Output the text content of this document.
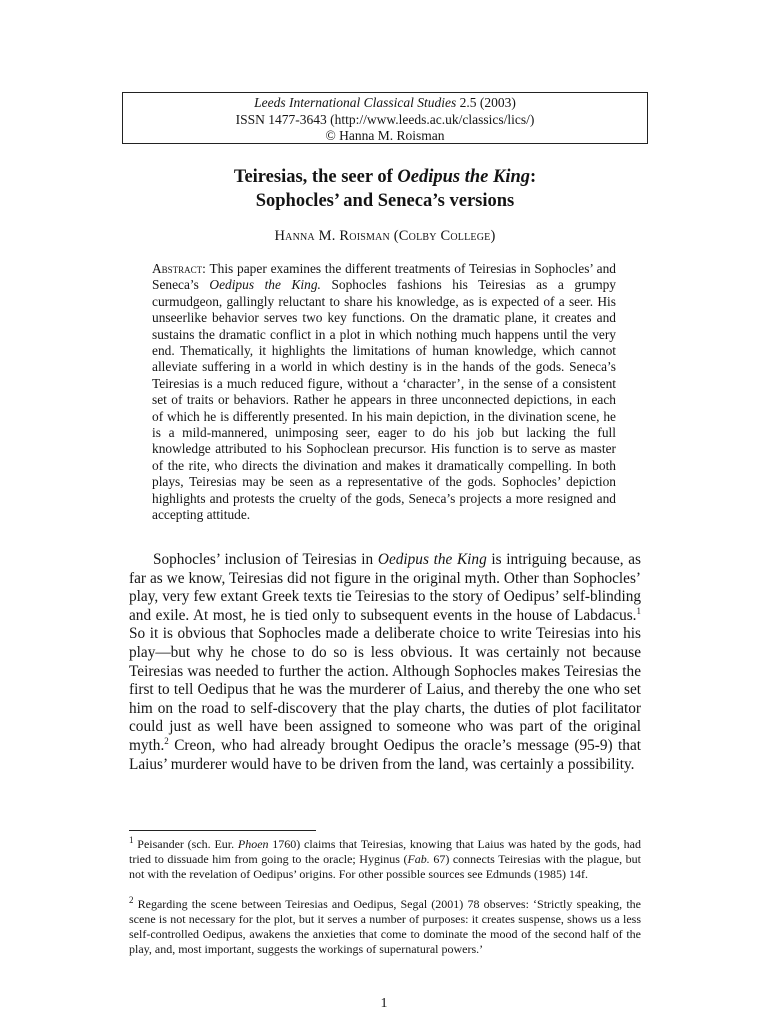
Leeds International Classical Studies 2.5 (2003)
ISSN 1477-3643 (http://www.leeds.ac.uk/classics/lics/)
© Hanna M. Roisman
Teiresias, the seer of Oedipus the King:
Sophocles’ and Seneca’s versions
Hanna M. Roisman (Colby College)

Abstract: This paper examines the different treatments of Teiresias in Sophocles’ and Seneca’s Oedipus the King. Sophocles fashions his Teiresias as a grumpy curmudgeon, gallingly reluctant to share his knowledge, as is expected of a seer. His unseerlike behavior serves two key functions. On the dramatic plane, it creates and sustains the dramatic conflict in a plot in which nothing much happens until the very end. Thematically, it highlights the limitations of human knowledge, which cannot alleviate suffering in a world in which destiny is in the hands of the gods. Seneca’s Teiresias is a much reduced figure, without a ‘character’, in the sense of a consistent set of traits or behaviors. Rather he appears in three unconnected depictions, in each of which he is differently presented. In his main depiction, in the divination scene, he is a mild-mannered, unimposing seer, eager to do his job but lacking the full knowledge attributed to his Sophoclean precursor. His function is to serve as master of the rite, who directs the divination and makes it dramatically compelling. In both plays, Teiresias may be seen as a representative of the gods. Sophocles’ depiction highlights and protests the cruelty of the gods, Seneca’s projects a more resigned and accepting attitude.

Sophocles’ inclusion of Teiresias in Oedipus the King is intriguing because, as far as we know, Teiresias did not figure in the original myth. Other than Sophocles’ play, very few extant Greek texts tie Teiresias to the story of Oedipus’ self-blinding and exile. At most, he is tied only to subsequent events in the house of Labdacus.$^1$ So it is obvious that Sophocles made a deliberate choice to write Teiresias into his play—but why he chose to do so is less obvious. It was certainly not because Teiresias was needed to further the action. Although Sophocles makes Teiresias the first to tell Oedipus that he was the murderer of Laius, and thereby the one who set him on the road to self-discovery that the play charts, the duties of plot facilitator could just as well have been assigned to someone who was part of the original myth.$^2$ Creon, who had already brought Oedipus the oracle’s message (95-9) that Laius’ murderer would have to be driven from the land, was certainly a possibility.

$^1$ Peisander (sch. Eur. Phoen 1760) claims that Teiresias, knowing that Laius was hated by the gods, had tried to dissuade him from going to the oracle; Hyginus (Fab. 67) connects Teiresias with the plague, but not with the revelation of Oedipus’ origins. For other possible sources see Edmunds (1985) 14f.

$^2$ Regarding the scene between Teiresias and Oedipus, Segal (2001) 78 observes: ‘Strictly speaking, the scene is not necessary for the plot, but it serves a number of purposes: it creates suspense, shows us a less self-controlled Oedipus, awakens the anxieties that come to dominate the mood of the second half of the play, and, most important, suggests the workings of supernatural powers.’

1
